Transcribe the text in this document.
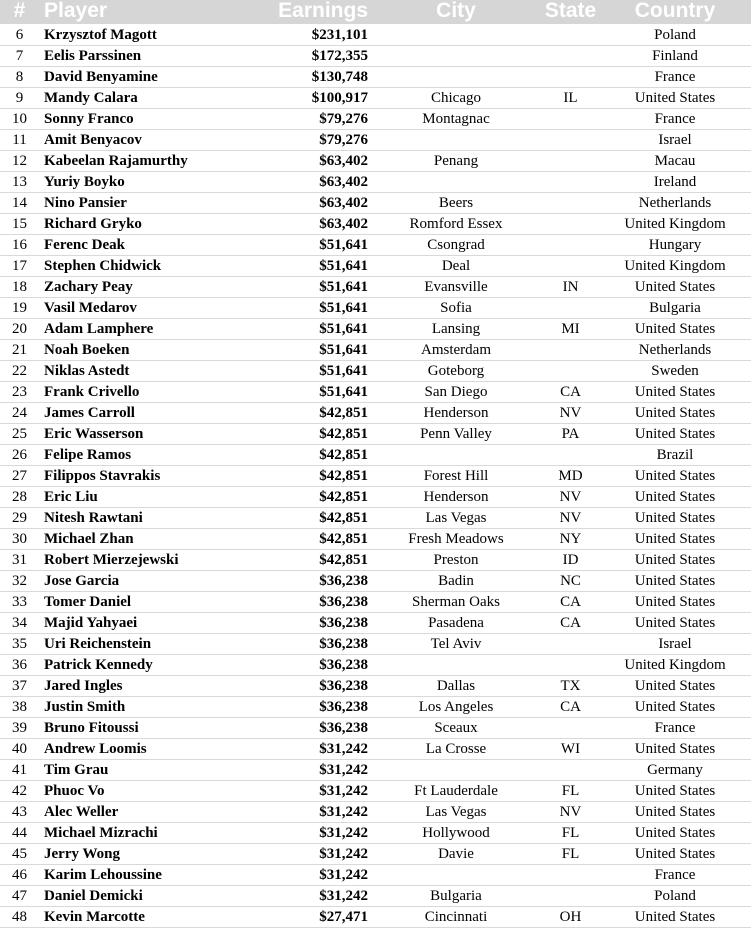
#	Player	Earnings	City	State	Country
6	Krzysztof Magott	$231,101			Poland
7	Eelis Parssinen	$172,355			Finland
8	David Benyamine	$130,748			France
9	Mandy Calara	$100,917	Chicago	IL	United States
10	Sonny Franco	$79,276	Montagnac		France
11	Amit Benyacov	$79,276			Israel
12	Kabeelan Rajamurthy	$63,402	Penang		Macau
13	Yuriy Boyko	$63,402			Ireland
14	Nino Pansier	$63,402	Beers		Netherlands
15	Richard Gryko	$63,402	Romford Essex		United Kingdom
16	Ferenc Deak	$51,641	Csongrad		Hungary
17	Stephen Chidwick	$51,641	Deal		United Kingdom
18	Zachary Peay	$51,641	Evansville	IN	United States
19	Vasil Medarov	$51,641	Sofia		Bulgaria
20	Adam Lamphere	$51,641	Lansing	MI	United States
21	Noah Boeken	$51,641	Amsterdam		Netherlands
22	Niklas Astedt	$51,641	Goteborg		Sweden
23	Frank Crivello	$51,641	San Diego	CA	United States
24	James Carroll	$42,851	Henderson	NV	United States
25	Eric Wasserson	$42,851	Penn Valley	PA	United States
26	Felipe Ramos	$42,851			Brazil
27	Filippos Stavrakis	$42,851	Forest Hill	MD	United States
28	Eric Liu	$42,851	Henderson	NV	United States
29	Nitesh Rawtani	$42,851	Las Vegas	NV	United States
30	Michael Zhan	$42,851	Fresh Meadows	NY	United States
31	Robert Mierzejewski	$42,851	Preston	ID	United States
32	Jose Garcia	$36,238	Badin	NC	United States
33	Tomer Daniel	$36,238	Sherman Oaks	CA	United States
34	Majid Yahyaei	$36,238	Pasadena	CA	United States
35	Uri Reichenstein	$36,238	Tel Aviv		Israel
36	Patrick Kennedy	$36,238			United Kingdom
37	Jared Ingles	$36,238	Dallas	TX	United States
38	Justin Smith	$36,238	Los Angeles	CA	United States
39	Bruno Fitoussi	$36,238	Sceaux		France
40	Andrew Loomis	$31,242	La Crosse	WI	United States
41	Tim Grau	$31,242			Germany
42	Phuoc Vo	$31,242	Ft Lauderdale	FL	United States
43	Alec Weller	$31,242	Las Vegas	NV	United States
44	Michael Mizrachi	$31,242	Hollywood	FL	United States
45	Jerry Wong	$31,242	Davie	FL	United States
46	Karim Lehoussine	$31,242			France
47	Daniel Demicki	$31,242	Bulgaria		Poland
48	Kevin Marcotte	$27,471	Cincinnati	OH	United States
